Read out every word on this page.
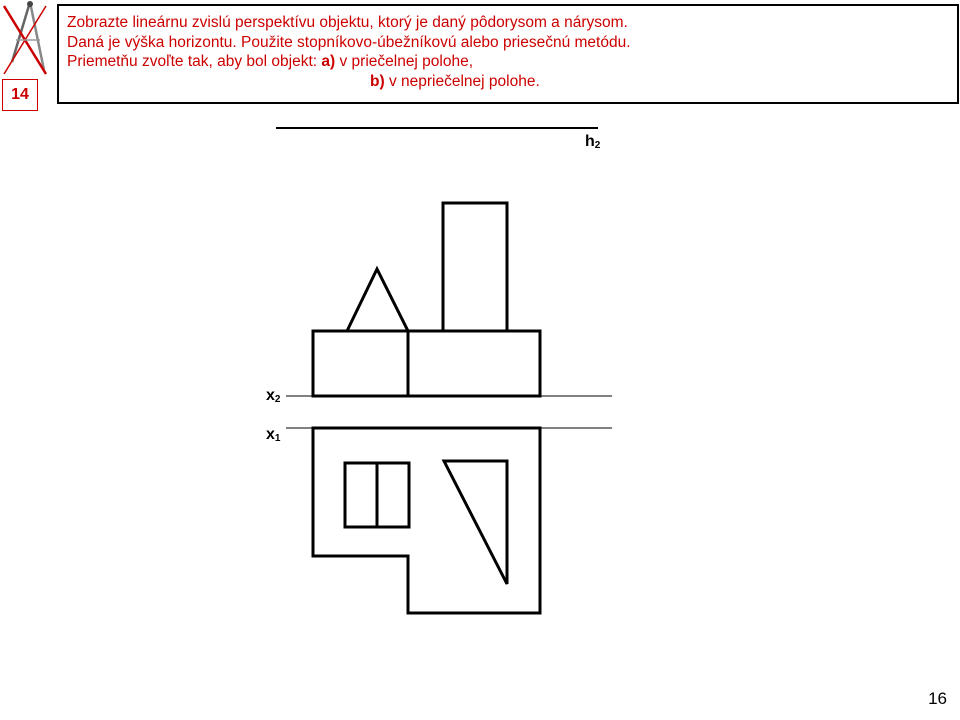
14
Zobrazte lineárnu zvislú perspektívu objektu, ktorý je daný pôdorysom a nárysom.
Daná je výška horizontu. Použite stopníkovo-úbežníkovú alebo priesečnú metódu.
Priemetňu zvoľte tak, aby bol objekt: a) v priečelnej polohe,
b) v nepriečelnej polohe.
$h_2$
$x_2$
$x_1$
16
